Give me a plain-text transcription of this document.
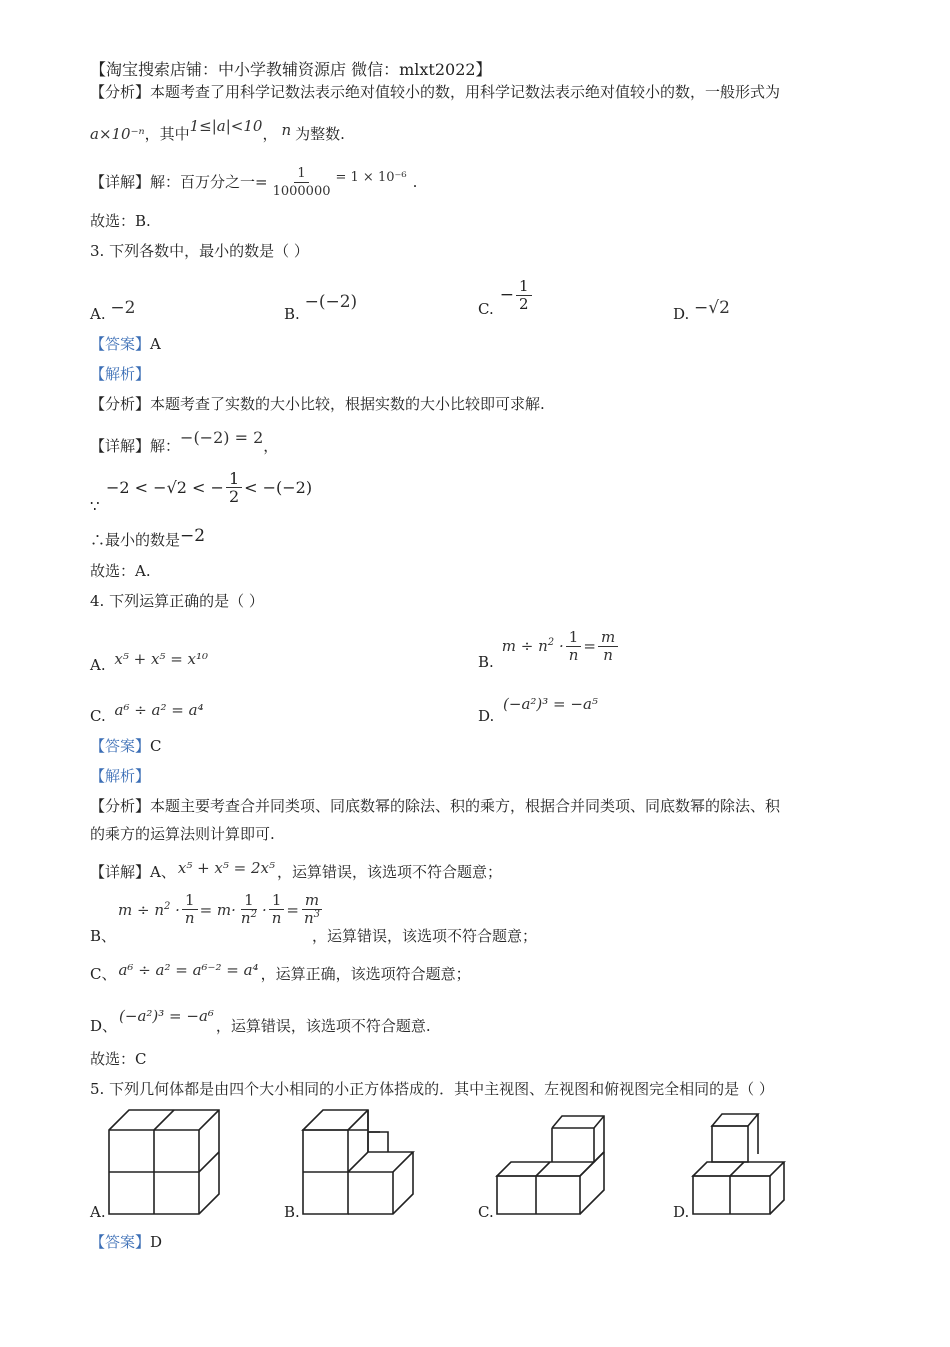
【淘宝搜索店铺：中小学教辅资源店 微信：mlxt2022】
【分析】本题考查了用科学记数法表示绝对值较小的数，用科学记数法表示绝对值较小的数，一般形式为
a×10⁻ⁿ，其中1≤|a|<10， n 为整数.
【详解】 解：百万分之一= $\frac{1}{1000000} = 1 \times 10^{-6}$ .
故选：B.
3. 下列各数中，最小的数是（ ）
A. −2	B. −(−2)	C.
− $\frac{1}{2}$
D. −√2
【答案】A
【解析】
【分析】本题考查了实数的大小比较，根据实数的大小比较即可求解.
【详解】解：−(−2) = 2，
∵
−2 < −√2 < − $\frac{1}{2} < -(-2)$
∴最小的数是−2
故选：A.
4. 下列运算正确的是（ ）
A. x⁵ + x⁵ = x¹⁰	B.
$m \div n^2 \cdot \frac{1}{n} = \frac{m}{n}$
C. a⁶ ÷ a² = a⁴	D. (−a²)³ = −a⁵
【答案】C
【解析】
【分析】本题主要考查合并同类项、同底数幂的除法、积的乘方，根据合并同类项、同底数幂的除法、积
的乘方的运算法则计算即可.
【详解】A、 x⁵ + x⁵ = 2x⁵ ，运算错误，该选项不符合题意；
B、
$m \div n^2 \cdot \frac{1}{n} = m\cdot \frac{1}{n^2} \cdot \frac{1}{n} = \frac{m}{n^3}$
，运算错误，该选项不符合题意；
C、 a⁶ ÷ a² = a⁶⁻² = a⁴ ，运算正确，该选项符合题意；
D、(−a²)³ = −a⁶，运算错误，该选项不符合题意.
故选：C
5. 下列几何体都是由四个大小相同的小正方体搭成的．其中主视图、左视图和俯视图完全相同的是（ ）
A.	B.	C.	D.
【答案】D
